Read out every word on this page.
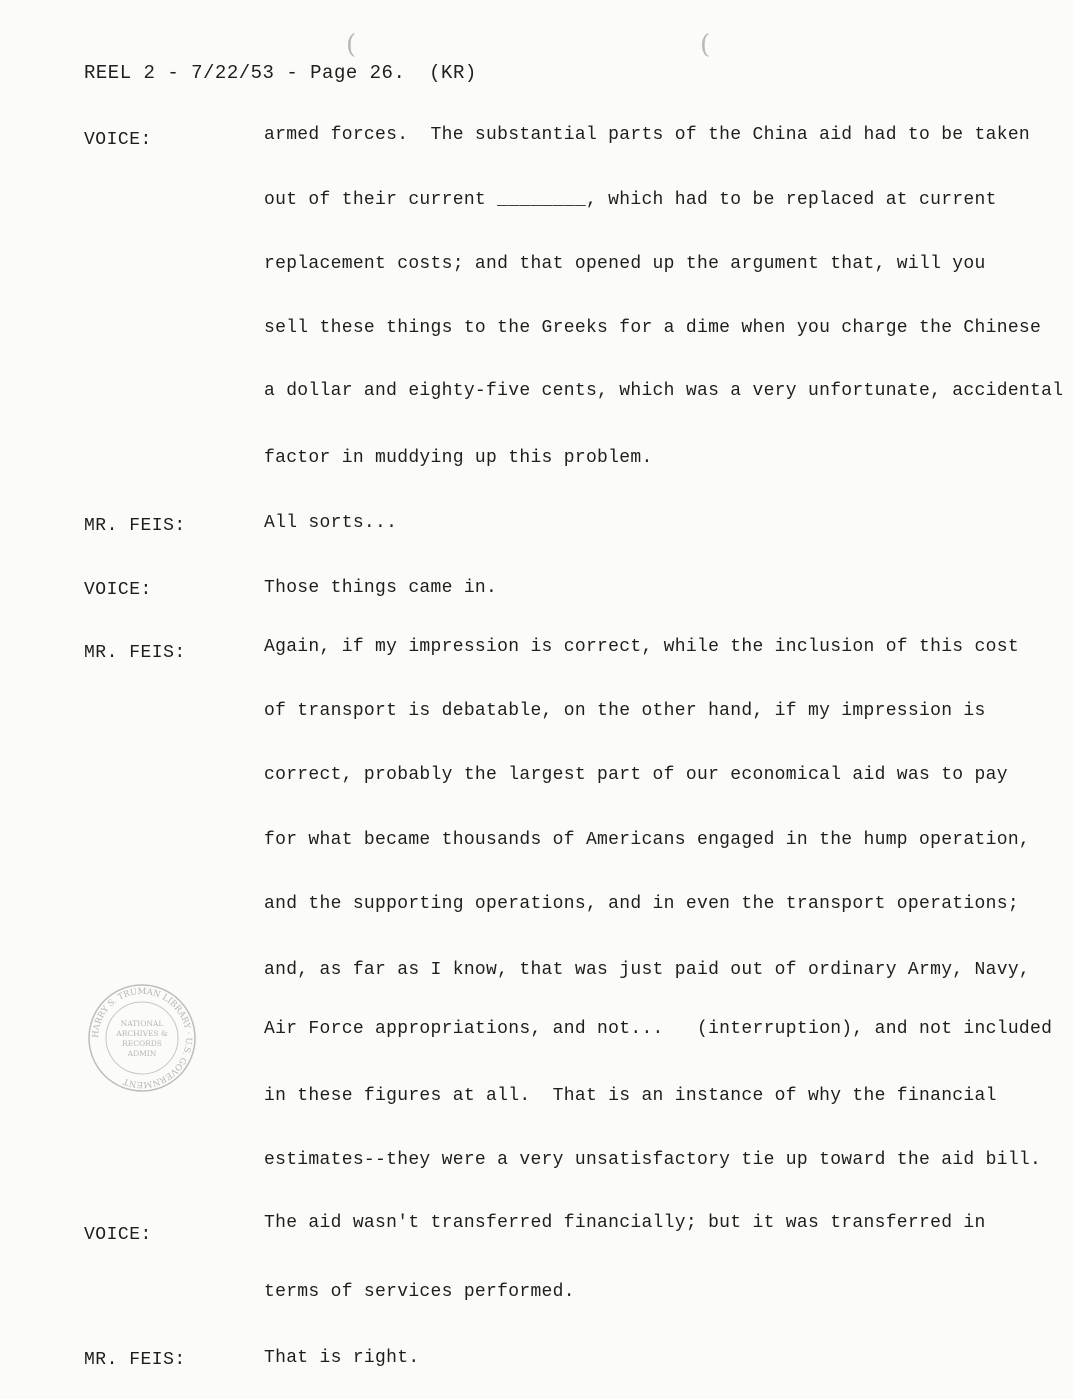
(	(
REEL 2 - 7/22/53 - Page 26.  (KR)
VOICE:	armed forces.  The substantial parts of the China aid had to be taken
out of their current ________, which had to be replaced at current
replacement costs; and that opened up the argument that, will you
sell these things to the Greeks for a dime when you charge the Chinese
a dollar and eighty-five cents, which was a very unfortunate, accidental
factor in muddying up this problem.
MR. FEIS:	All sorts...
VOICE:	Those things came in.
MR. FEIS:	Again, if my impression is correct, while the inclusion of this cost
of transport is debatable, on the other hand, if my impression is
correct, probably the largest part of our economical aid was to pay
for what became thousands of Americans engaged in the hump operation,
and the supporting operations, and in even the transport operations;
and, as far as I know, that was just paid out of ordinary Army, Navy,
Air Force appropriations, and not...   (interruption), and not included
in these figures at all.  That is an instance of why the financial
estimates--they were a very unsatisfactory tie up toward the aid bill.
VOICE:
The aid wasn't transferred financially; but it was transferred in
terms of services performed.
MR. FEIS:	That is right.
HARRY S. TRUMAN LIBRARY · U.S. GOVERNMENT
NATIONAL
ARCHIVES &
RECORDS
ADMIN
